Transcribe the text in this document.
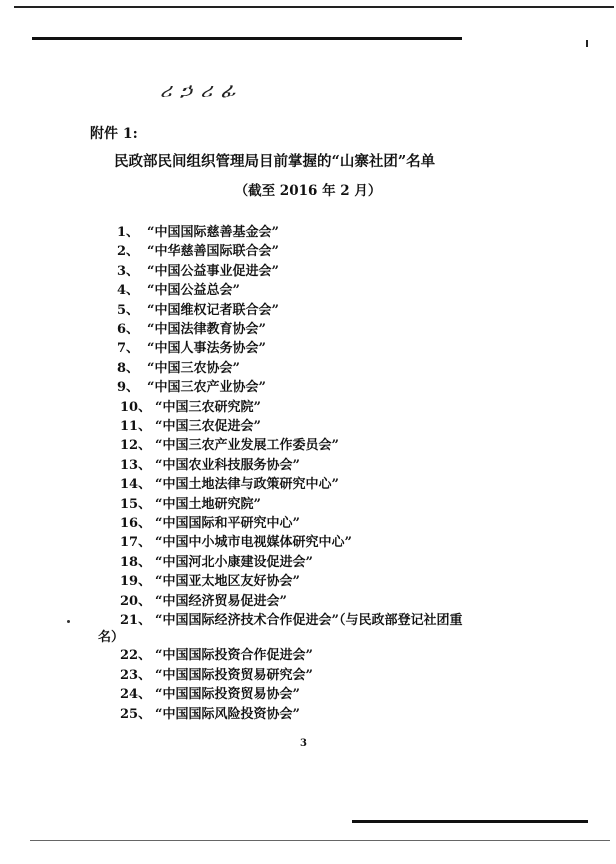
ሪ ኃ ሪ ፊ
附件 1:
民政部民间组织管理局目前掌握的“山寨社团”名单
（截至 2016 年 2 月）
1、 “中国国际慈善基金会”
2、 “中华慈善国际联合会”
3、 “中国公益事业促进会”
4、 “中国公益总会”
5、 “中国维权记者联合会”
6、 “中国法律教育协会”
7、 “中国人事法务协会”
8、 “中国三农协会”
9、 “中国三农产业协会”
10、 “中国三农研究院”
11、 “中国三农促进会”
12、 “中国三农产业发展工作委员会”
13、 “中国农业科技服务协会”
14、 “中国土地法律与政策研究中心”
15、 “中国土地研究院”
16、 “中国国际和平研究中心”
17、 “中国中小城市电视媒体研究中心”
18、 “中国河北小康建设促进会”
19、 “中国亚太地区友好协会”
20、 “中国经济贸易促进会”
21、 “中国国际经济技术合作促进会”（与民政部登记社团重
22、 “中国国际投资合作促进会”
23、 “中国国际投资贸易研究会”
24、 “中国国际投资贸易协会”
25、 “中国国际风险投资协会”
名）
3
